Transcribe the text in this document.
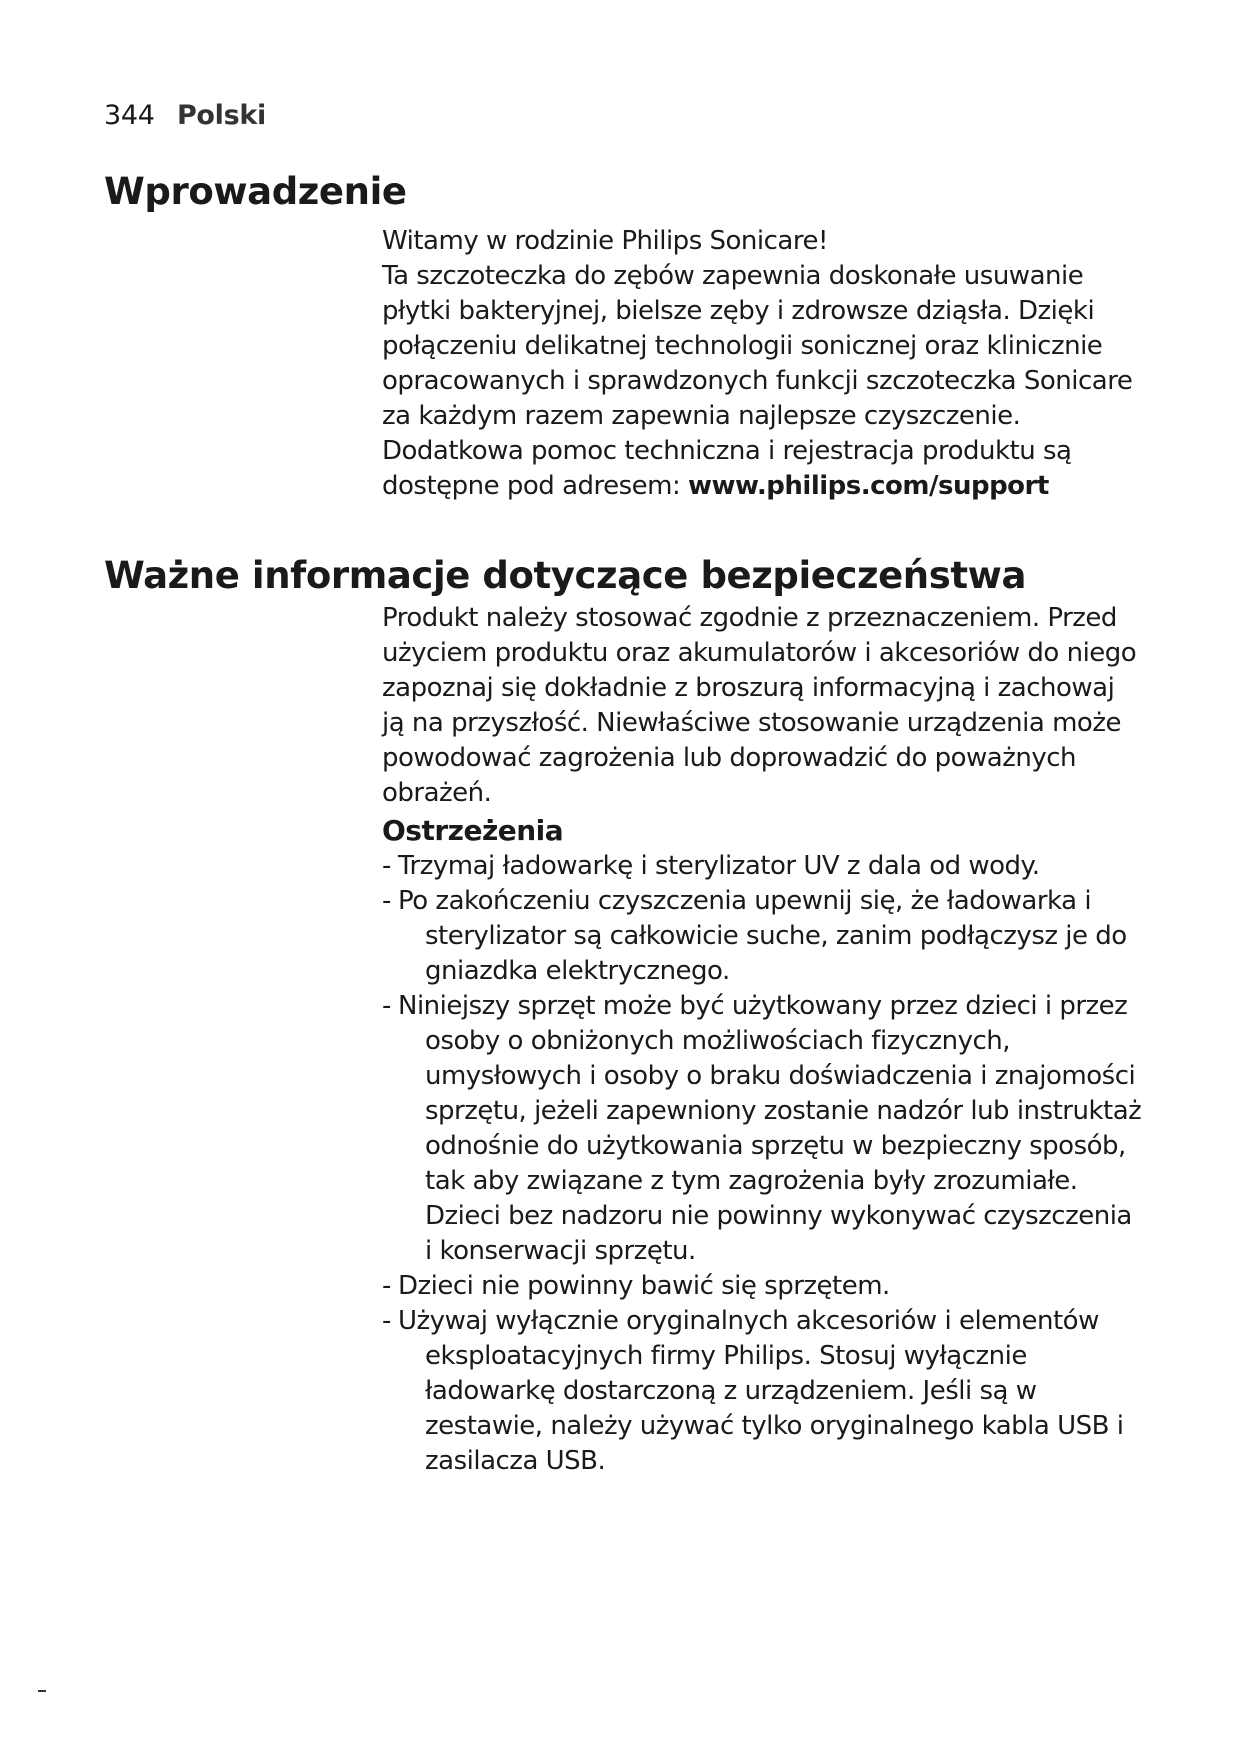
344 Polski
Wprowadzenie

Witamy w rodzinie Philips Sonicare!

Ta szczoteczka do zębów zapewnia doskonałe usuwanie płytki bakteryjnej, bielsze zęby i zdrowsze dziąsła. Dzięki połączeniu delikatnej technologii sonicznej oraz klinicznie opracowanych i sprawdzonych funkcji szczoteczka Sonicare za każdym razem zapewnia najlepsze czyszczenie.

Dodatkowa pomoc techniczna i rejestracja produktu są dostępne pod adresem: www.philips.com/support

Ważne informacje dotyczące bezpieczeństwa

Produkt należy stosować zgodnie z przeznaczeniem. Przed użyciem produktu oraz akumulatorów i akcesoriów do niego zapoznaj się dokładnie z broszurą informacyjną i zachowaj ją na przyszłość. Niewłaściwe stosowanie urządzenia może powodować zagrożenia lub doprowadzić do poważnych obrażeń.

Ostrzeżenia
- Trzymaj ładowarkę i sterylizator UV z dala od wody.
- Po zakończeniu czyszczenia upewnij się, że ładowarka i sterylizator są całkowicie suche, zanim podłączysz je do gniazdka elektrycznego.
- Niniejszy sprzęt może być użytkowany przez dzieci i przez osoby o obniżonych możliwościach fizycznych, umysłowych i osoby o braku doświadczenia i znajomości sprzętu, jeżeli zapewniony zostanie nadzór lub instruktaż odnośnie do użytkowania sprzętu w bezpieczny sposób, tak aby związane z tym zagrożenia były zrozumiałe. Dzieci bez nadzoru nie powinny wykonywać czyszczenia i konserwacji sprzętu.
- Dzieci nie powinny bawić się sprzętem.
- Używaj wyłącznie oryginalnych akcesoriów i elementów eksploatacyjnych firmy Philips. Stosuj wyłącznie ładowarkę dostarczoną z urządzeniem. Jeśli są w zestawie, należy używać tylko oryginalnego kabla USB i zasilacza USB.
